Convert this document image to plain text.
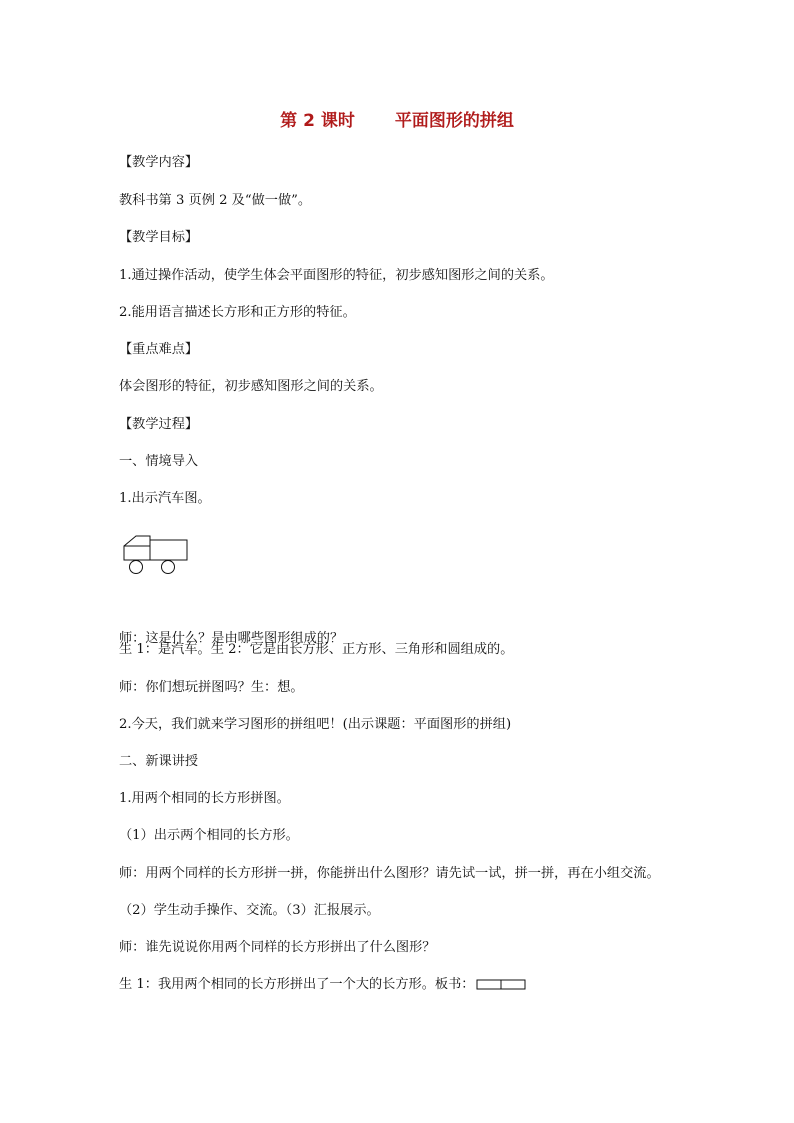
第 2 课时 平面图形的拼组
【教学内容】
教科书第 3 页例 2 及“做一做”。
【教学目标】
1.通过操作活动，使学生体会平面图形的特征，初步感知图形之间的关系。
2.能用语言描述长方形和正方形的特征。
【重点难点】
体会图形的特征，初步感知图形之间的关系。
【教学过程】
一、情境导入
1.出示汽车图。
师：这是什么？是由哪些图形组成的？
生 1：是汽车。生 2：它是由长方形、正方形、三角形和圆组成的。
师：你们想玩拼图吗？生：想。
2.今天，我们就来学习图形的拼组吧！(出示课题：平面图形的拼组)
二、新课讲授
1.用两个相同的长方形拼图。
（1）出示两个相同的长方形。
师：用两个同样的长方形拼一拼，你能拼出什么图形？请先试一试，拼一拼，再在小组交流。
（2）学生动手操作、交流。（3）汇报展示。
师：谁先说说你用两个同样的长方形拼出了什么图形？
生 1：我用两个相同的长方形拼出了一个大的长方形。板书：
